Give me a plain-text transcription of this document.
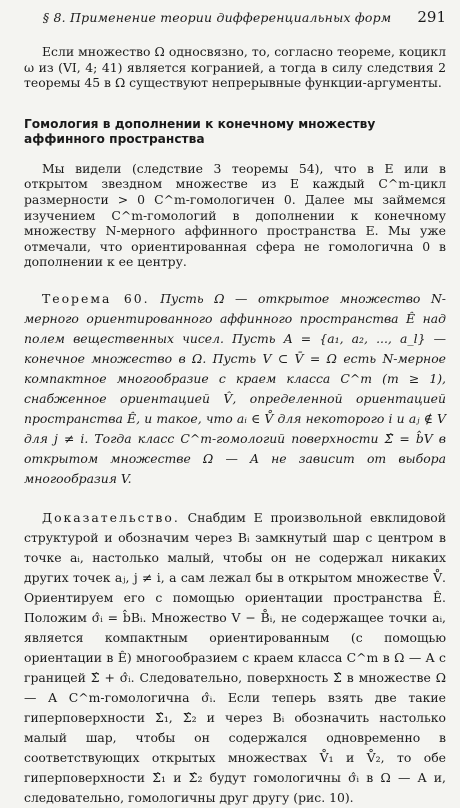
§ 8. Применение теории дифференциальных форм 291

Если множество Ω односвязно, то, согласно теореме, коцикл ω из (VI, 4; 41) является когранией, а тогда в силу следствия 2 теоремы 45 в Ω существуют непрерывные функции-аргументы.

Гомология в дополнении к конечному множеству аффинного пространства

Мы видели (следствие 3 теоремы 54), что в E или в открытом звездном множестве из E каждый C^m-цикл размерности > 0 C^m-гомологичен 0. Далее мы займемся изучением C^m-гомологий в дополнении к конечному множеству N-мерного аффинного пространства E. Мы уже отмечали, что ориентированная сфера не гомологична 0 в дополнении к ее центру.

Теорема 60. Пусть Ω — открытое множество N-мерного ориентированного аффинного пространства Ê над полем вещественных чисел. Пусть A = {a₁, a₂, ..., a_l} — конечное множество в Ω. Пусть V ⊂ V̄ = Ω есть N-мерное компактное многообразие с краем класса C^m (m ≥ 1), снабженное ориентацией V̂, определенной ориентацией пространства Ê, и такое, что aᵢ ∈ V̊ для некоторого i и aⱼ ∉ V для j ≠ i. Тогда класс C^m-гомологий поверхности Σ̂ = b̂V в открытом множестве Ω — A не зависит от выбора многообразия V.

Доказательство. Снабдим E произвольной евклидовой структурой и обозначим через Bᵢ замкнутый шар с центром в точке aᵢ, настолько малый, чтобы он не содержал никаких других точек aⱼ, j ≠ i, а сам лежал бы в открытом множестве V̊. Ориентируем его с помощью ориентации пространства Ê. Положим σ̂ᵢ = b̂Bᵢ. Множество V − B̊ᵢ, не содержащее точки aᵢ, является компактным ориентированным (с помощью ориентации в Ê) многообразием с краем класса C^m в Ω — A с границей Σ̂ + σ̂ᵢ. Следовательно, поверхность Σ̂ в множестве Ω — A C^m-гомологична σ̂ᵢ. Если теперь взять две такие гиперповерхности Σ̂₁, Σ̂₂ и через Bᵢ обозначить настолько малый шар, чтобы он содержался одновременно в соответствующих открытых множествах V̊₁ и V̊₂, то обе гиперповерхности Σ̂₁ и Σ̂₂ будут гомологичны σ̂ᵢ в Ω — A и, следовательно, гомологичны друг другу (рис. 10).
